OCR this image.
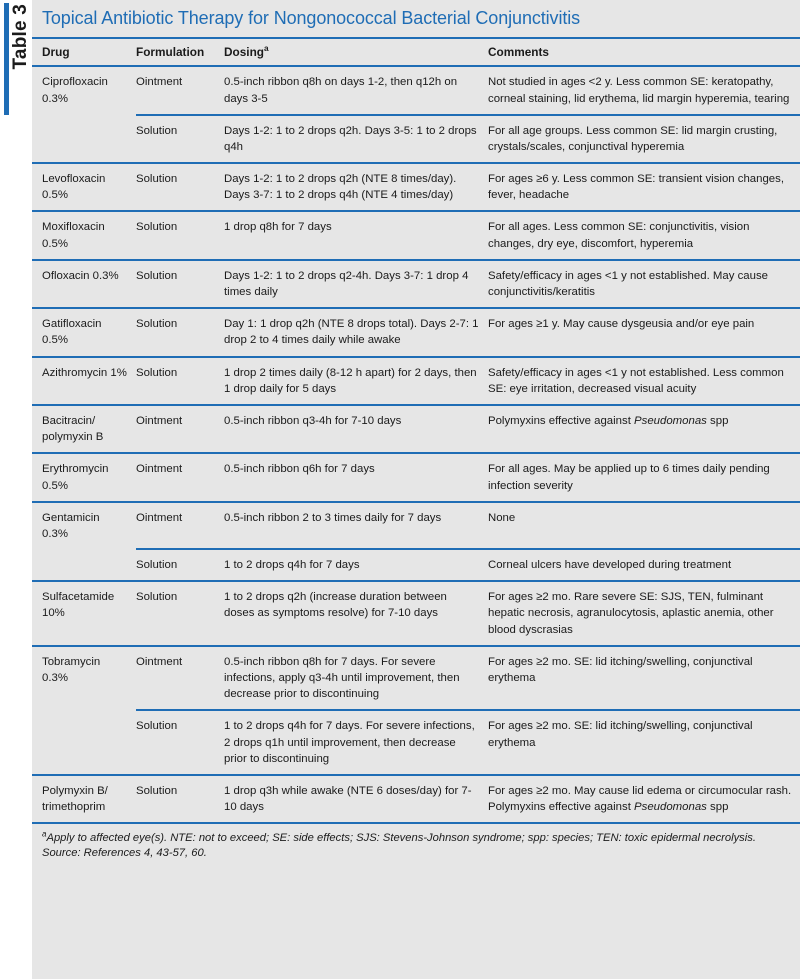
Table 3 Topical Antibiotic Therapy for Nongonococcal Bacterial Conjunctivitis
Drug	Formulation	Dosing$^a$	Comments
Ciprofloxacin 0.3%	Ointment	0.5-inch ribbon q8h on days 1-2, then q12h on days 3-5	Not studied in ages <2 y. Less common SE: keratopathy, corneal staining, lid erythema, lid margin hyperemia, tearing
	Solution	Days 1-2: 1 to 2 drops q2h. Days 3-5: 1 to 2 drops q4h	For all age groups. Less common SE: lid margin crusting, crystals/scales, conjunctival hyperemia
Levofloxacin 0.5%	Solution	Days 1-2: 1 to 2 drops q2h (NTE 8 times/day). Days 3-7: 1 to 2 drops q4h (NTE 4 times/day)	For ages ≥6 y. Less common SE: transient vision changes, fever, headache
Moxifloxacin 0.5%	Solution	1 drop q8h for 7 days	For all ages. Less common SE: conjunctivitis, vision changes, dry eye, discomfort, hyperemia
Ofloxacin 0.3%	Solution	Days 1-2: 1 to 2 drops q2-4h. Days 3-7: 1 drop 4 times daily	Safety/efficacy in ages <1 y not established. May cause conjunctivitis/keratitis
Gatifloxacin 0.5%	Solution	Day 1: 1 drop q2h (NTE 8 drops total). Days 2-7: 1 drop 2 to 4 times daily while awake	For ages ≥1 y. May cause dysgeusia and/or eye pain
Azithromycin 1%	Solution	1 drop 2 times daily (8-12 h apart) for 2 days, then 1 drop daily for 5 days	Safety/efficacy in ages <1 y not established. Less common SE: eye irritation, decreased visual acuity
Bacitracin/ polymyxin B	Ointment	0.5-inch ribbon q3-4h for 7-10 days	Polymyxins effective against Pseudomonas spp
Erythromycin 0.5%	Ointment	0.5-inch ribbon q6h for 7 days	For all ages. May be applied up to 6 times daily pending infection severity
Gentamicin 0.3%	Ointment	0.5-inch ribbon 2 to 3 times daily for 7 days	None
	Solution	1 to 2 drops q4h for 7 days	Corneal ulcers have developed during treatment
Sulfacetamide 10%	Solution	1 to 2 drops q2h (increase duration between doses as symptoms resolve) for 7-10 days	For ages ≥2 mo. Rare severe SE: SJS, TEN, fulminant hepatic necrosis, agranulocytosis, aplastic anemia, other blood dyscrasias
Tobramycin 0.3%	Ointment	0.5-inch ribbon q8h for 7 days. For severe infections, apply q3-4h until improvement, then decrease prior to discontinuing	For ages ≥2 mo. SE: lid itching/swelling, conjunctival erythema
	Solution	1 to 2 drops q4h for 7 days. For severe infections, 2 drops q1h until improvement, then decrease prior to discontinuing	For ages ≥2 mo. SE: lid itching/swelling, conjunctival erythema
Polymyxin B/ trimethoprim	Solution	1 drop q3h while awake (NTE 6 doses/day) for 7-10 days	For ages ≥2 mo. May cause lid edema or circumocular rash. Polymyxins effective against Pseudomonas spp
$^a$Apply to affected eye(s). NTE: not to exceed; SE: side effects; SJS: Stevens-Johnson syndrome; spp: species; TEN: toxic epidermal necrolysis. Source: References 4, 43-57, 60.
